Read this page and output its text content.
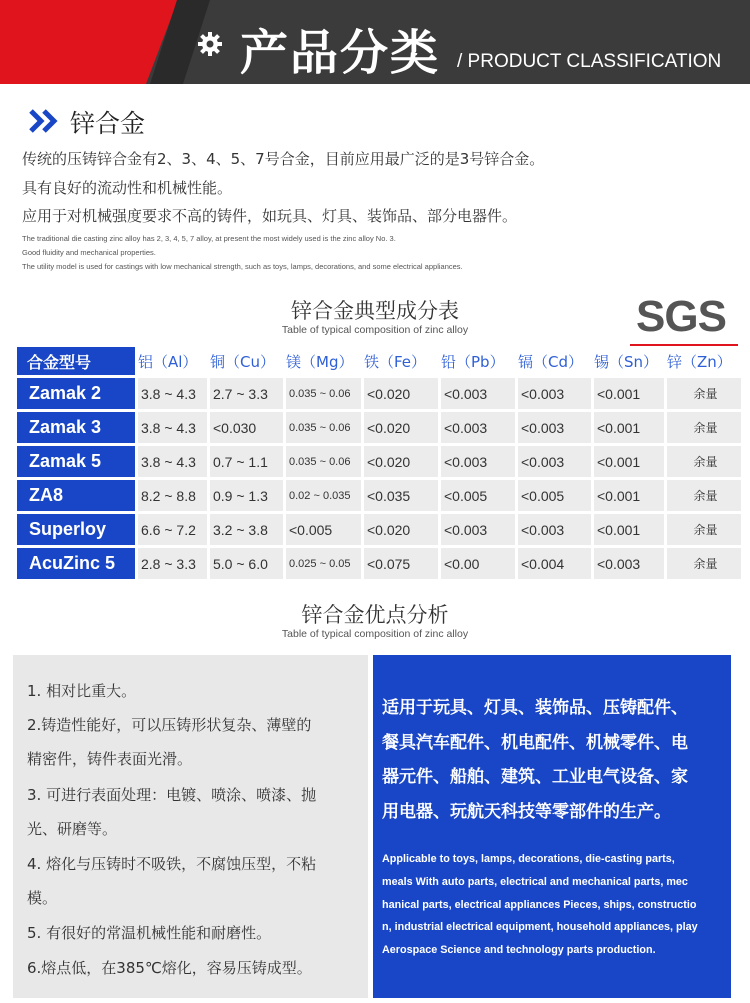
产品分类 / PRODUCT CLASSIFICATION
锌合金
传统的压铸锌合金有2、3、4、5、7号合金，目前应用最广泛的是3号锌合金。
具有良好的流动性和机械性能。
应用于对机械强度要求不高的铸件，如玩具、灯具、装饰品、部分电器件。
The traditional die casting zinc alloy has 2, 3, 4, 5, 7 alloy, at present the most widely used is the zinc alloy No. 3.
Good fluidity and mechanical properties.
The utility model is used for castings with low mechanical strength, such as toys, lamps, decorations, and some electrical appliances.
锌合金典型成分表
Table of typical composition of zinc alloy	SGS
合金型号	铝（Al）	铜（Cu）	镁（Mg）	铁（Fe）	铅（Pb）	镉（Cd）	锡（Sn）	锌（Zn）
Zamak 2	3.8 ~ 4.3	2.7 ~ 3.3	0.035 ~ 0.06	<0.020	<0.003	<0.003	<0.001	余量
Zamak 3	3.8 ~ 4.3	<0.030	0.035 ~ 0.06	<0.020	<0.003	<0.003	<0.001	余量
Zamak 5	3.8 ~ 4.3	0.7 ~ 1.1	0.035 ~ 0.06	<0.020	<0.003	<0.003	<0.001	余量
ZA8	8.2 ~ 8.8	0.9 ~ 1.3	0.02 ~ 0.035	<0.035	<0.005	<0.005	<0.001	余量
Superloy	6.6 ~ 7.2	3.2 ~ 3.8	<0.005	<0.020	<0.003	<0.003	<0.001	余量
AcuZinc 5	2.8 ~ 3.3	5.0 ~ 6.0	0.025 ~ 0.05	<0.075	<0.00	<0.004	<0.003	余量
锌合金优点分析
Table of typical composition of zinc alloy
1. 相对比重大。
2.铸造性能好，可以压铸形状复杂、薄壁的
精密件，铸件表面光滑。
3. 可进行表面处理：电镀、喷涂、喷漆、抛
光、研磨等。
4. 熔化与压铸时不吸铁，不腐蚀压型，不粘
模。
5. 有很好的常温机械性能和耐磨性。
6.熔点低，在385℃熔化，容易压铸成型。
适用于玩具、灯具、装饰品、压铸配件、
餐具汽车配件、机电配件、机械零件、电
器元件、船舶、建筑、工业电气设备、家
用电器、玩航天科技等零部件的生产。
Applicable to toys, lamps, decorations, die-casting parts,
meals With auto parts, electrical and mechanical parts, mec
hanical parts, electrical appliances Pieces, ships, constructio
n, industrial electrical equipment, household appliances, play
Aerospace Science and technology parts production.
